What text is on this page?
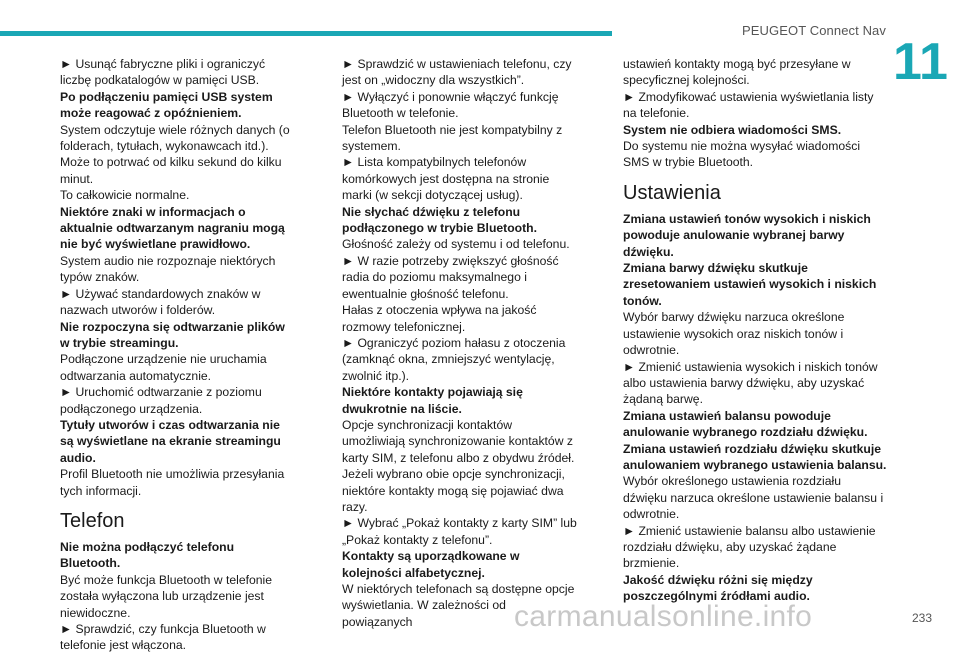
PEUGEOT Connect Nav
11

► Usunąć fabryczne pliki i ograniczyć liczbę podkatalogów w pamięci USB.

Po podłączeniu pamięci USB system może reagować z opóźnieniem.

System odczytuje wiele różnych danych (o folderach, tytułach, wykonawcach itd.). Może to potrwać od kilku sekund do kilku minut.

To całkowicie normalne.

Niektóre znaki w informacjach o aktualnie odtwarzanym nagraniu mogą nie być wyświetlane prawidłowo.

System audio nie rozpoznaje niektórych typów znaków.

► Używać standardowych znaków w nazwach utworów i folderów.

Nie rozpoczyna się odtwarzanie plików w trybie streamingu.

Podłączone urządzenie nie uruchamia odtwarzania automatycznie.

► Uruchomić odtwarzanie z poziomu podłączonego urządzenia.

Tytuły utworów i czas odtwarzania nie są wyświetlane na ekranie streamingu audio.

Profil Bluetooth nie umożliwia przesyłania tych informacji.

Telefon

Nie można podłączyć telefonu Bluetooth.

Być może funkcja Bluetooth w telefonie została wyłączona lub urządzenie jest niewidoczne.

► Sprawdzić, czy funkcja Bluetooth w telefonie jest włączona.

► Sprawdzić w ustawieniach telefonu, czy jest on „widoczny dla wszystkich”.

► Wyłączyć i ponownie włączyć funkcję Bluetooth w telefonie.

Telefon Bluetooth nie jest kompatybilny z systemem.

► Lista kompatybilnych telefonów komórkowych jest dostępna na stronie marki (w sekcji dotyczącej usług).

Nie słychać dźwięku z telefonu podłączonego w trybie Bluetooth.

Głośność zależy od systemu i od telefonu.

► W razie potrzeby zwiększyć głośność radia do poziomu maksymalnego i ewentualnie głośność telefonu.

Hałas z otoczenia wpływa na jakość rozmowy telefonicznej.

► Ograniczyć poziom hałasu z otoczenia (zamknąć okna, zmniejszyć wentylację, zwolnić itp.).

Niektóre kontakty pojawiają się dwukrotnie na liście.

Opcje synchronizacji kontaktów umożliwiają synchronizowanie kontaktów z karty SIM, z telefonu albo z obydwu źródeł. Jeżeli wybrano obie opcje synchronizacji, niektóre kontakty mogą się pojawiać dwa razy.

► Wybrać „Pokaż kontakty z karty SIM” lub „Pokaż kontakty z telefonu”.

Kontakty są uporządkowane w kolejności alfabetycznej.

W niektórych telefonach są dostępne opcje wyświetlania. W zależności od powiązanych

ustawień kontakty mogą być przesyłane w specyficznej kolejności.

► Zmodyfikować ustawienia wyświetlania listy na telefonie.

System nie odbiera wiadomości SMS.

Do systemu nie można wysyłać wiadomości SMS w trybie Bluetooth.

Ustawienia

Zmiana ustawień tonów wysokich i niskich powoduje anulowanie wybranej barwy dźwięku.

Zmiana barwy dźwięku skutkuje zresetowaniem ustawień wysokich i niskich tonów.

Wybór barwy dźwięku narzuca określone ustawienie wysokich oraz niskich tonów i odwrotnie.

► Zmienić ustawienia wysokich i niskich tonów albo ustawienia barwy dźwięku, aby uzyskać żądaną barwę.

Zmiana ustawień balansu powoduje anulowanie wybranego rozdziału dźwięku.

Zmiana ustawień rozdziału dźwięku skutkuje anulowaniem wybranego ustawienia balansu.

Wybór określonego ustawienia rozdziału dźwięku narzuca określone ustawienie balansu i odwrotnie.

► Zmienić ustawienie balansu albo ustawienie rozdziału dźwięku, aby uzyskać żądane brzmienie.

Jakość dźwięku różni się między poszczególnymi źródłami audio.

carmanualsonline.info	233
